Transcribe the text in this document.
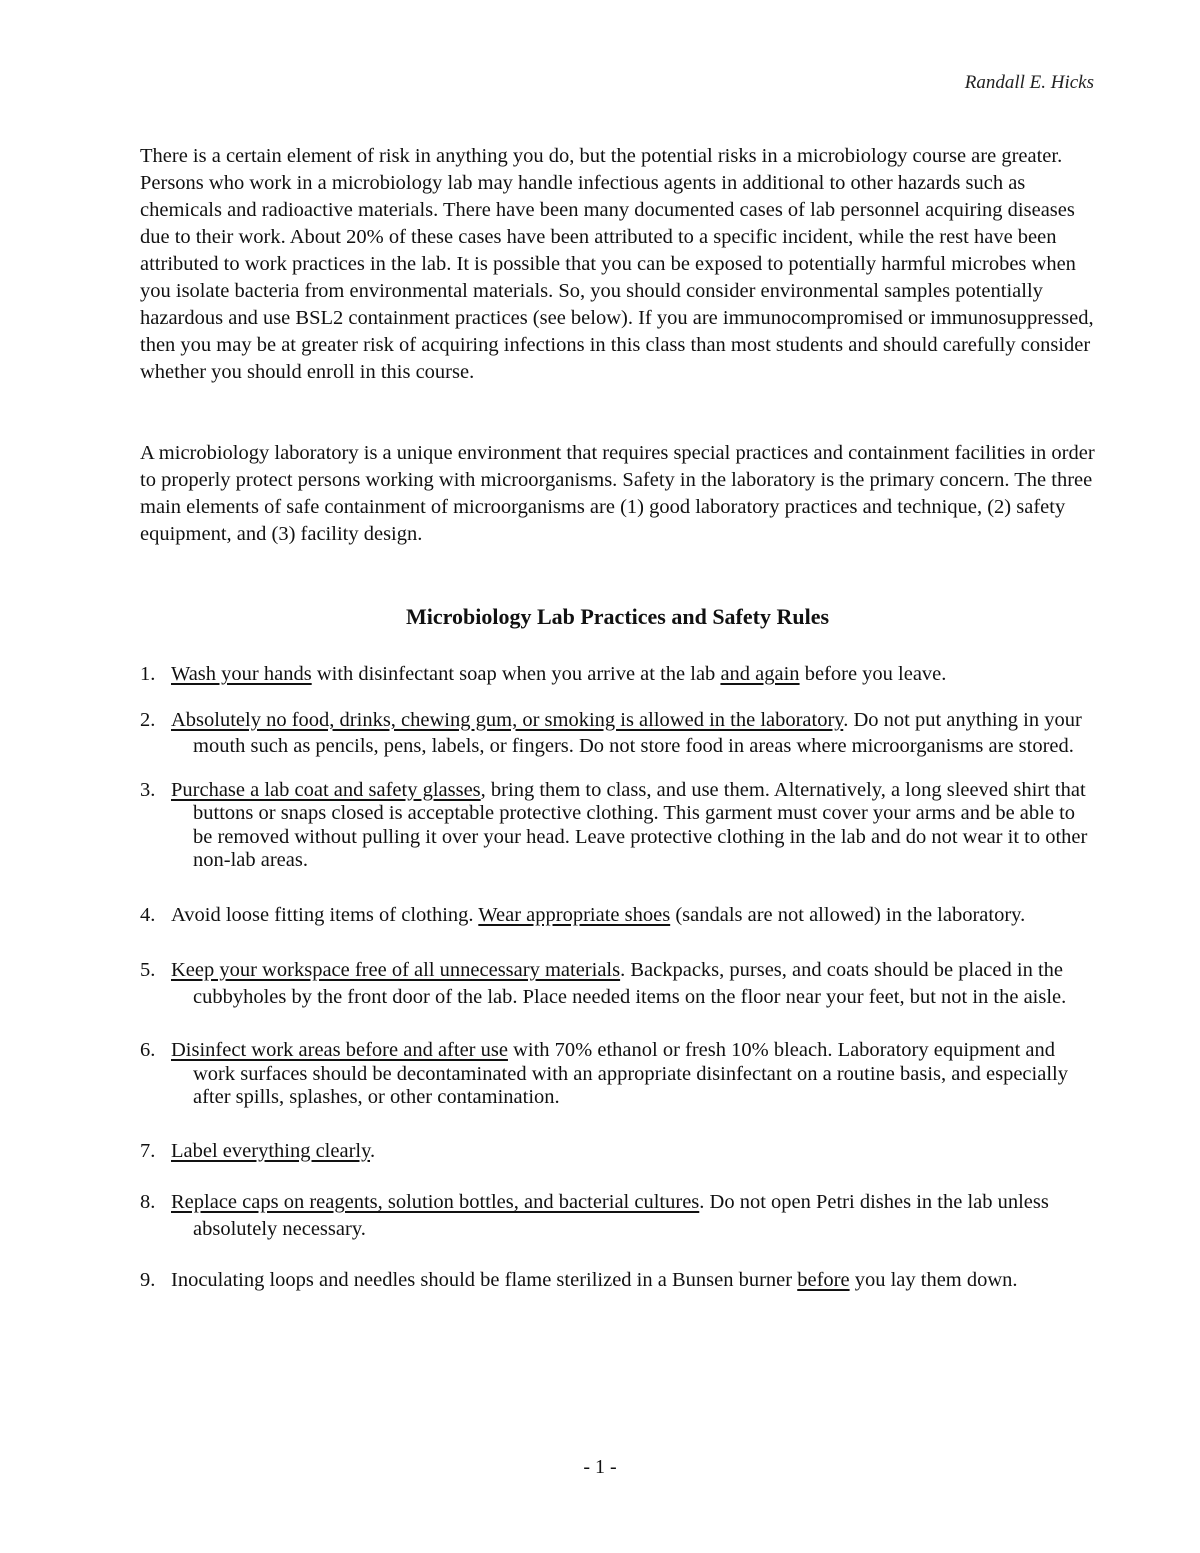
Randall E. Hicks

There is a certain element of risk in anything you do, but the potential risks in a microbiology course are greater. Persons who work in a microbiology lab may handle infectious agents in additional to other hazards such as chemicals and radioactive materials. There have been many documented cases of lab personnel acquiring diseases due to their work. About 20% of these cases have been attributed to a specific incident, while the rest have been attributed to work practices in the lab. It is possible that you can be exposed to potentially harmful microbes when you isolate bacteria from environmental materials. So, you should consider environmental samples potentially hazardous and use BSL2 containment practices (see below). If you are immunocompromised or immunosuppressed, then you may be at greater risk of acquiring infections in this class than most students and should carefully consider whether you should enroll in this course.

A microbiology laboratory is a unique environment that requires special practices and containment facilities in order to properly protect persons working with microorganisms. Safety in the laboratory is the primary concern. The three main elements of safe containment of microorganisms are (1) good laboratory practices and technique, (2) safety equipment, and (3) facility design.

Microbiology Lab Practices and Safety Rules
1. Wash your hands with disinfectant soap when you arrive at the lab and again before you leave.
2. Absolutely no food, drinks, chewing gum, or smoking is allowed in the laboratory. Do not put anything in your mouth such as pencils, pens, labels, or fingers. Do not store food in areas where microorganisms are stored.
3. Purchase a lab coat and safety glasses, bring them to class, and use them. Alternatively, a long sleeved shirt that buttons or snaps closed is acceptable protective clothing. This garment must cover your arms and be able to be removed without pulling it over your head. Leave protective clothing in the lab and do not wear it to other non-lab areas.
4. Avoid loose fitting items of clothing. Wear appropriate shoes (sandals are not allowed) in the laboratory.
5. Keep your workspace free of all unnecessary materials. Backpacks, purses, and coats should be placed in the cubbyholes by the front door of the lab. Place needed items on the floor near your feet, but not in the aisle.
6. Disinfect work areas before and after use with 70% ethanol or fresh 10% bleach. Laboratory equipment and work surfaces should be decontaminated with an appropriate disinfectant on a routine basis, and especially after spills, splashes, or other contamination.
7. Label everything clearly.
8. Replace caps on reagents, solution bottles, and bacterial cultures. Do not open Petri dishes in the lab unless absolutely necessary.
9. Inoculating loops and needles should be flame sterilized in a Bunsen burner before you lay them down.
- 1 -
